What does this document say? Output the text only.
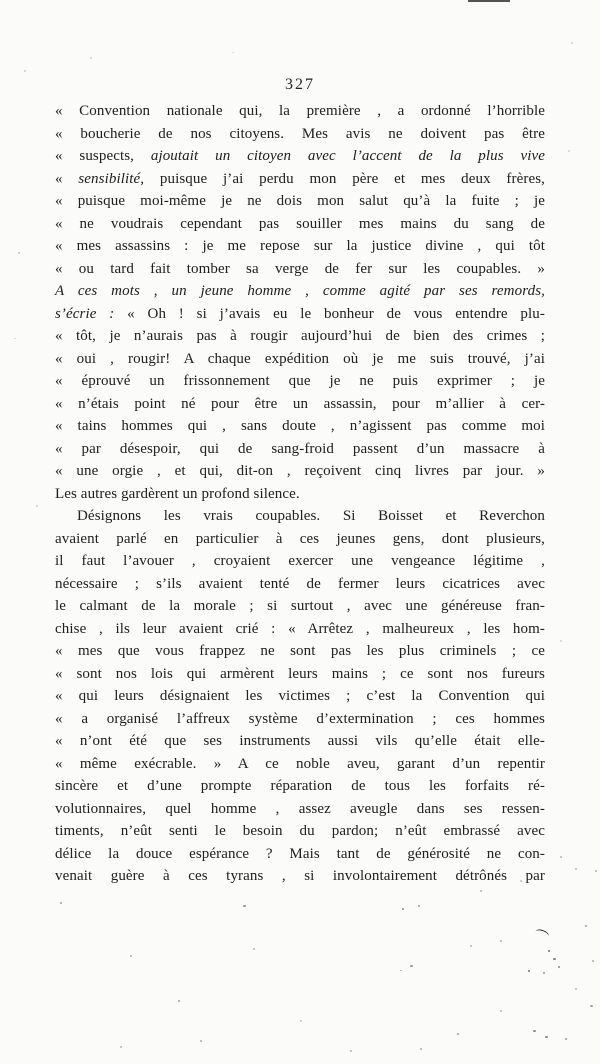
327
« Convention nationale qui, la première , a ordonné l’horrible
« boucherie de nos citoyens. Mes avis ne doivent pas être
« suspects, ajoutait un citoyen avec l’accent de la plus vive
« sensibilité, puisque j’ai perdu mon père et mes deux frères,
« puisque moi-même je ne dois mon salut qu’à la fuite ; je
« ne voudrais cependant pas souiller mes mains du sang de
« mes assassins : je me repose sur la justice divine , qui tôt
« ou tard fait tomber sa verge de fer sur les coupables. »
A ces mots , un jeune homme , comme agité par ses remords,
s’écrie : « Oh ! si j’avais eu le bonheur de vous entendre plu-
« tôt, je n’aurais pas à rougir aujourd’hui de bien des crimes ;
« oui , rougir! A chaque expédition où je me suis trouvé, j’ai
« éprouvé un frissonnement que je ne puis exprimer ; je
« n’étais point né pour être un assassin, pour m’allier à cer-
« tains hommes qui , sans doute , n’agissent pas comme moi
« par désespoir, qui de sang-froid passent d’un massacre à
« une orgie , et qui, dit-on , reçoivent cinq livres par jour. »
Les autres gardèrent un profond silence.
Désignons les vrais coupables. Si Boisset et Reverchon
avaient parlé en particulier à ces jeunes gens, dont plusieurs,
il faut l’avouer , croyaient exercer une vengeance légitime ,
nécessaire ; s’ils avaient tenté de fermer leurs cicatrices avec
le calmant de la morale ; si surtout , avec une généreuse fran-
chise , ils leur avaient crié : « Arrêtez , malheureux , les hom-
« mes que vous frappez ne sont pas les plus criminels ; ce
« sont nos lois qui armèrent leurs mains ; ce sont nos fureurs
« qui leurs désignaient les victimes ; c’est la Convention qui
« a organisé l’affreux système d’extermination ; ces hommes
« n’ont été que ses instruments aussi vils qu’elle était elle-
« même exécrable. » A ce noble aveu, garant d’un repentir
sincère et d’une prompte réparation de tous les forfaits ré-
volutionnaires, quel homme , assez aveugle dans ses ressen-
timents, n’eût senti le besoin du pardon; n’eût embrassé avec
délice la douce espérance ? Mais tant de générosité ne con-
venait guère à ces tyrans , si involontairement détrônés par
